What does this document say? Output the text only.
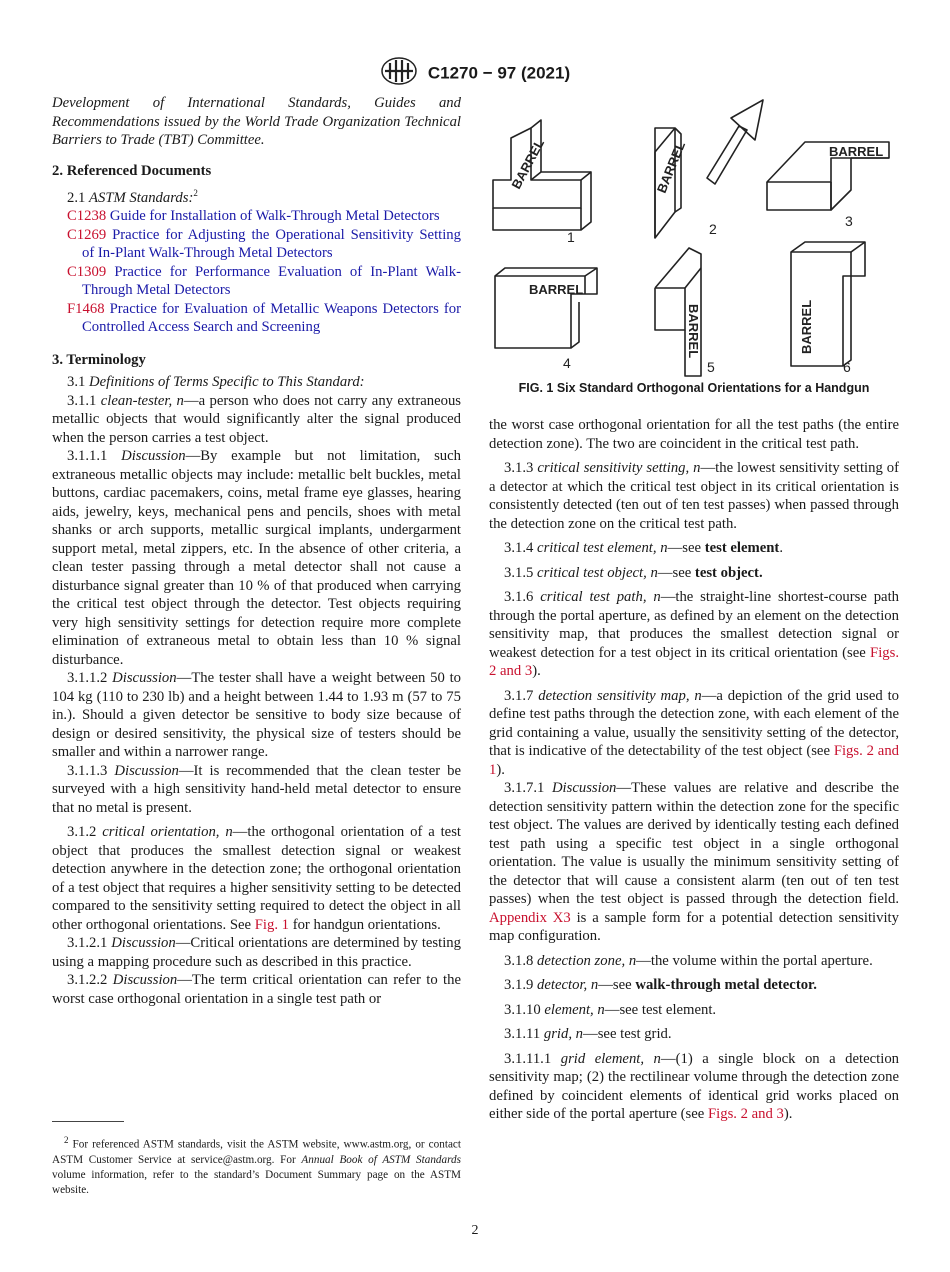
C1270 − 97 (2021)

Development of International Standards, Guides and Recommendations issued by the World Trade Organization Technical Barriers to Trade (TBT) Committee.

2. Referenced Documents

2.1 ASTM Standards:$^2$

C1238 Guide for Installation of Walk-Through Metal Detectors

C1269 Practice for Adjusting the Operational Sensitivity Setting of In-Plant Walk-Through Metal Detectors

C1309 Practice for Performance Evaluation of In-Plant Walk-Through Metal Detectors

F1468 Practice for Evaluation of Metallic Weapons Detectors for Controlled Access Search and Screening

3. Terminology

3.1 Definitions of Terms Specific to This Standard:

3.1.1 clean-tester, n—a person who does not carry any extraneous metallic objects that would significantly alter the signal produced when the person carries a test object.

3.1.1.1 Discussion—By example but not limitation, such extraneous metallic objects may include: metallic belt buckles, metal buttons, cardiac pacemakers, coins, metal frame eye glasses, hearing aids, jewelry, keys, mechanical pens and pencils, shoes with metal shanks or arch supports, metallic surgical implants, undergarment support metal, metal zippers, etc. In the absence of other criteria, a clean tester passing through a metal detector shall not cause a disturbance signal greater than 10 % of that produced when carrying the critical test object through the detector. Test objects requiring very high sensitivity settings for detection require more complete elimination of extraneous metal to obtain less than 10 % signal disturbance.

3.1.1.2 Discussion—The tester shall have a weight between 50 to 104 kg (110 to 230 lb) and a height between 1.44 to 1.93 m (57 to 75 in.). Should a given detector be sensitive to body size because of design or desired sensitivity, the physical size of testers should be smaller and within a narrower range.

3.1.1.3 Discussion—It is recommended that the clean tester be surveyed with a high sensitivity hand-held metal detector to ensure that no metal is present.

3.1.2 critical orientation, n—the orthogonal orientation of a test object that produces the smallest detection signal or weakest detection anywhere in the detection zone; the orthogonal orientation of a test object that requires a higher sensitivity setting to be detected compared to the sensitivity setting required to detect the object in all other orthogonal orientations. See Fig. 1 for handgun orientations.

3.1.2.1 Discussion—Critical orientations are determined by testing using a mapping procedure such as described in this practice.

3.1.2.2 Discussion—The term critical orientation can refer to the worst case orthogonal orientation in a single test path or

BARREL	BARREL	BARREL
BARREL
BARREL	BARREL
1	2	3
4	5	6
FIG. 1 Six Standard Orthogonal Orientations for a Handgun

the worst case orthogonal orientation for all the test paths (the entire detection zone). The two are coincident in the critical test path.

3.1.3 critical sensitivity setting, n—the lowest sensitivity setting of a detector at which the critical test object in its critical orientation is consistently detected (ten out of ten test passes) when passed through the detection zone on the critical test path.

3.1.4 critical test element, n—see test element.

3.1.5 critical test object, n—see test object.

3.1.6 critical test path, n—the straight-line shortest-course path through the portal aperture, as defined by an element on the detection sensitivity map, that produces the smallest detection signal or weakest detection for a test object in its critical orientation (see Figs. 2 and 3).

3.1.7 detection sensitivity map, n—a depiction of the grid used to define test paths through the detection zone, with each element of the grid containing a value, usually the sensitivity setting of the detector, that is indicative of the detectability of the test object (see Figs. 2 and 1).

3.1.7.1 Discussion—These values are relative and describe the detection sensitivity pattern within the detection zone for the specific test object. The values are derived by identically testing each defined test path using a specific test object in a single orthogonal orientation. The value is usually the minimum sensitivity setting of the detector that will cause a consistent alarm (ten out of ten test passes) when the test object is passed through the detection field. Appendix X3 is a sample form for a potential detection sensitivity map configuration.

3.1.8 detection zone, n—the volume within the portal aperture.

3.1.9 detector, n—see walk-through metal detector.

3.1.10 element, n—see test element.

3.1.11 grid, n—see test grid.

3.1.11.1 grid element, n—(1) a single block on a detection sensitivity map; (2) the rectilinear volume through the detection zone defined by coincident elements of identical grid works placed on either side of the portal aperture (see Figs. 2 and 3).

$^2$ For referenced ASTM standards, visit the ASTM website, www.astm.org, or contact ASTM Customer Service at service@astm.org. For Annual Book of ASTM Standards volume information, refer to the standard’s Document Summary page on the ASTM website.

2
